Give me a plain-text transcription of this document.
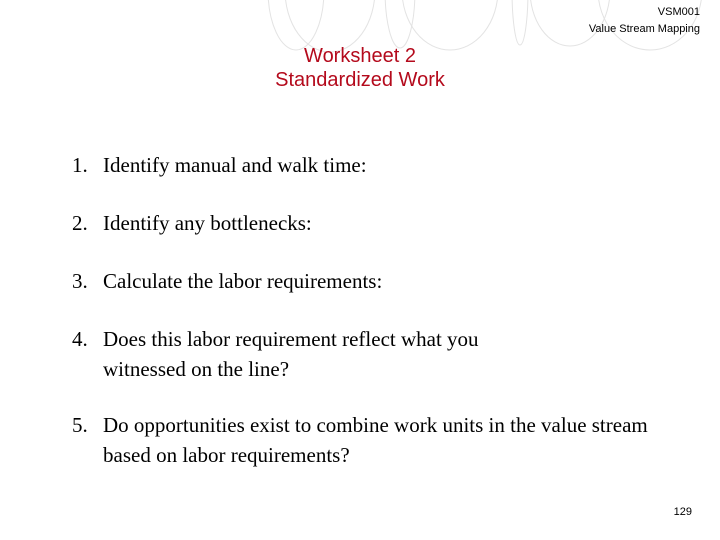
VSM001
Value Stream Mapping
Worksheet 2
Standardized Work
1. Identify manual and walk time:
2. Identify any bottlenecks:
3. Calculate the labor requirements:
4. Does this labor requirement reflect what you witnessed on the line?
5. Do opportunities exist to combine work units in the value stream based on labor requirements?
129
